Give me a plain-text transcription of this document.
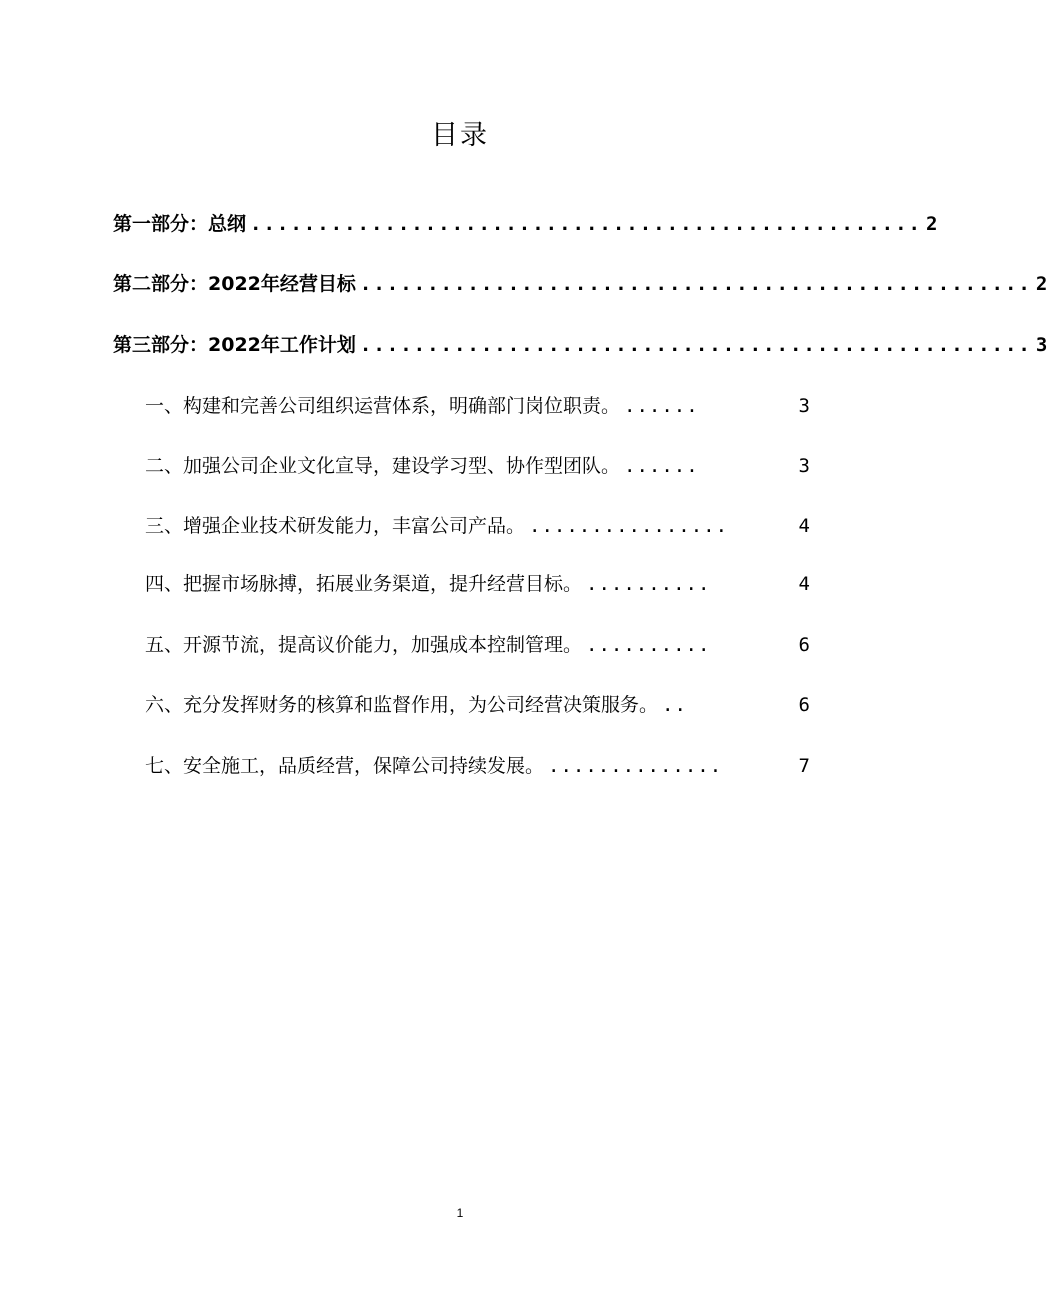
目录
第一部分：总纲 .................................................. 2
第二部分：2022年经营目标 .................................................. 2
第三部分：2022年工作计划 .................................................. 3
一、构建和完善公司组织运营体系，明确部门岗位职责。 ......	3
二、加强公司企业文化宣导，建设学习型、协作型团队。 ......	3
三、增强企业技术研发能力，丰富公司产品。 ................	4
四、把握市场脉搏，拓展业务渠道，提升经营目标。 ..........	4
五、开源节流，提高议价能力，加强成本控制管理。 ..........	6
六、充分发挥财务的核算和监督作用，为公司经营决策服务。 ..	6
七、安全施工，品质经营，保障公司持续发展。 ..............	7
1
